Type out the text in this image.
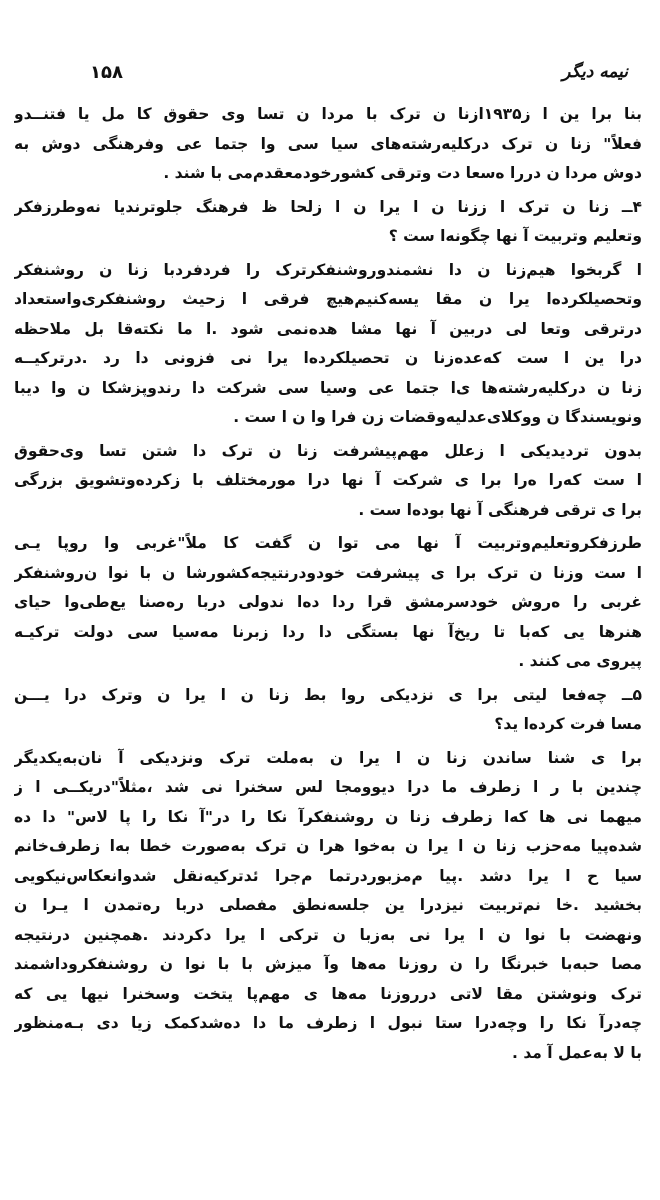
۱۵۸	نیمه دیگر
بنا برا ین ا ز۱۹۳۵ازنا ن ترک با مردا ن تسا وی حقوق کا مل یا فتنــدو
فعلاً" زنا ن ترک درکلیه‌رشته‌های سیا سی وا جتما عی وفرهنگی دوش به
دوش مردا ن درر‌ا ه‌سعا دت وترقی کشورخودمعقدم‌می با شند .
۴ــ زنا ن ترک ا ززنا ن ا یرا ن ا زلحا ظ فرهنگ جلوترندیا نه‌وطرزفکر
وتعلیم وتربیت آ نها چگونه‌ا ست ؟
ا گربخوا هیم‌زنا ن دا نشمندوروشنفکرترک را فردفردبا زنا ن روشنفکر
وتحصیلکرده‌ا یرا ن مقا یسه‌کنیم‌هیچ فرقی ا زحیث روشنفکری‌واستعداد
درترقی وتعا لی دربین آ نها مشا هده‌نمی شود .ا ما نکته‌قا بل ملاحظه
درا ین ا ست که‌عده‌زنا ن تحصیلکرده‌ا یرا نی فزونی دا رد .درترکیــه
زنا ن درکلیه‌رشته‌ها ی‌ا جتما عی وسیا سی شرکت دا رند‌وپزشکا ن وا دیبا
ونویسندگا ن ووکلای‌عدلیه‌وقضات زن فرا وا ن ا ست .
بدون تردیدیکی ا زعلل مهم‌پیشرفت زنا ن ترک دا شتن تسا وی‌حقوق
ا ست که‌را ه‌را برا ی شرکت آ نها درا مورمختلف با زکرده‌وتشویق بزرگی
برا ی ترقی فرهنگی آ نها بوده‌ا ست .
طرزفکروتعلیم‌وتربیت آ نها می توا ن گفت کا ملاً"غربی وا روپا یـی
ا ست وزنا ن ترک برا ی پیشرفت خودودرنتیجه‌کشورشا ن با نوا ن‌روشنفکر
غربی را ه‌روش خودسرمشق قرا ردا ده‌ا ندولی دربا ره‌صنا یع‌طی‌وا حیای
هنرها یی که‌با تا ریخ‌آ نها بستگی دا ردا زبرنا مه‌سیا سی دولت ترکیـه
پیروی می کنند .
۵ــ چه‌فعا لیتی برا ی نزدیکی روا بط زنا ن ا یرا ن وترک درا یـــن
مسا فرت کرده‌ا ید؟
برا ی شنا ساندن زنا ن ا یرا ن به‌ملت ترک ونزدیکی آ نان‌به‌یکدیگر
چندین با ر ا زطرف ما درا دیوومجا لس سخنرا نی شد ،مثلاً"دریکــی ا ز
میهما نی ها که‌ا زطرف زنا ن روشنفکرآ نکا را در"آ نکا را پا لاس" دا ده
شده‌پیا مه‌حزب زنا ن ا یرا ن به‌خوا هرا ن ترک به‌صورت خطا به‌ا زطرف‌خانم
سیا ح ا یرا دشد .پیا م‌مزبوردرتما م‌جرا ئدترکیه‌نقل شدوانعکاس‌نیکویی
بخشید .خا نم‌تربیت نیزدرا ین جلسه‌نطق مفصلی دربا ره‌تمدن ا یـرا ن
ونهضت با نوا ن ا یرا نی به‌زبا ن ترکی ا یرا دکردند .همچنین درنتیجه
مصا حبه‌با خبرنگا را ن روزنا مه‌ها وآ میزش با با نوا ن روشنفکروداشمند
ترک ونوشتن مقا لاتی درروزنا مه‌ها ی مهم‌پا یتخت وسخنرا نیها یی که
چه‌درآ نکا را وچه‌درا ستا نبول ا زطرف ما دا ده‌شدکمک زیا دی بـه‌منظور
با لا به‌عمل آ مد .
